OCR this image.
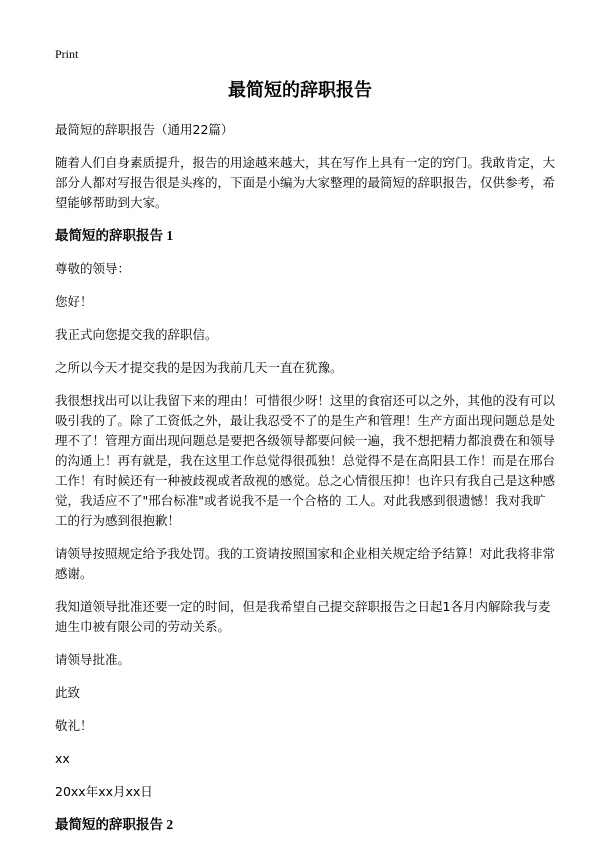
Print
最简短的辞职报告

最简短的辞职报告（通用22篇）

随着人们自身素质提升，报告的用途越来越大，其在写作上具有一定的窍门。我敢肯定，大部分人都对写报告很是头疼的，下面是小编为大家整理的最简短的辞职报告，仅供参考，希望能够帮助到大家。

最简短的辞职报告 1

尊敬的领导：

您好！

我正式向您提交我的辞职信。

之所以今天才提交我的是因为我前几天一直在犹豫。

我很想找出可以让我留下来的理由！可惜很少呀！这里的食宿还可以之外，其他的没有可以吸引我的了。除了工资低之外，最让我忍受不了的是生产和管理！生产方面出现问题总是处理不了！管理方面出现问题总是要把各级领导都要问候一遍，我不想把精力都浪费在和领导的沟通上！再有就是，我在这里工作总觉得很孤独！总觉得不是在高阳县工作！而是在邢台工作！有时候还有一种被歧视或者敌视的感觉。总之心情很压抑！也许只有我自己是这种感觉，我适应不了"邢台标准"或者说我不是一个合格的 工人。对此我感到很遗憾！我对我旷工的行为感到很抱歉！

请领导按照规定给予我处罚。我的工资请按照国家和企业相关规定给予结算！对此我将非常感谢。

我知道领导批准还要一定的时间，但是我希望自己提交辞职报告之日起1各月内解除我与麦迪生巾被有限公司的劳动关系。

请领导批准。

此致

敬礼！

xx

20xx年xx月xx日

最简短的辞职报告 2
